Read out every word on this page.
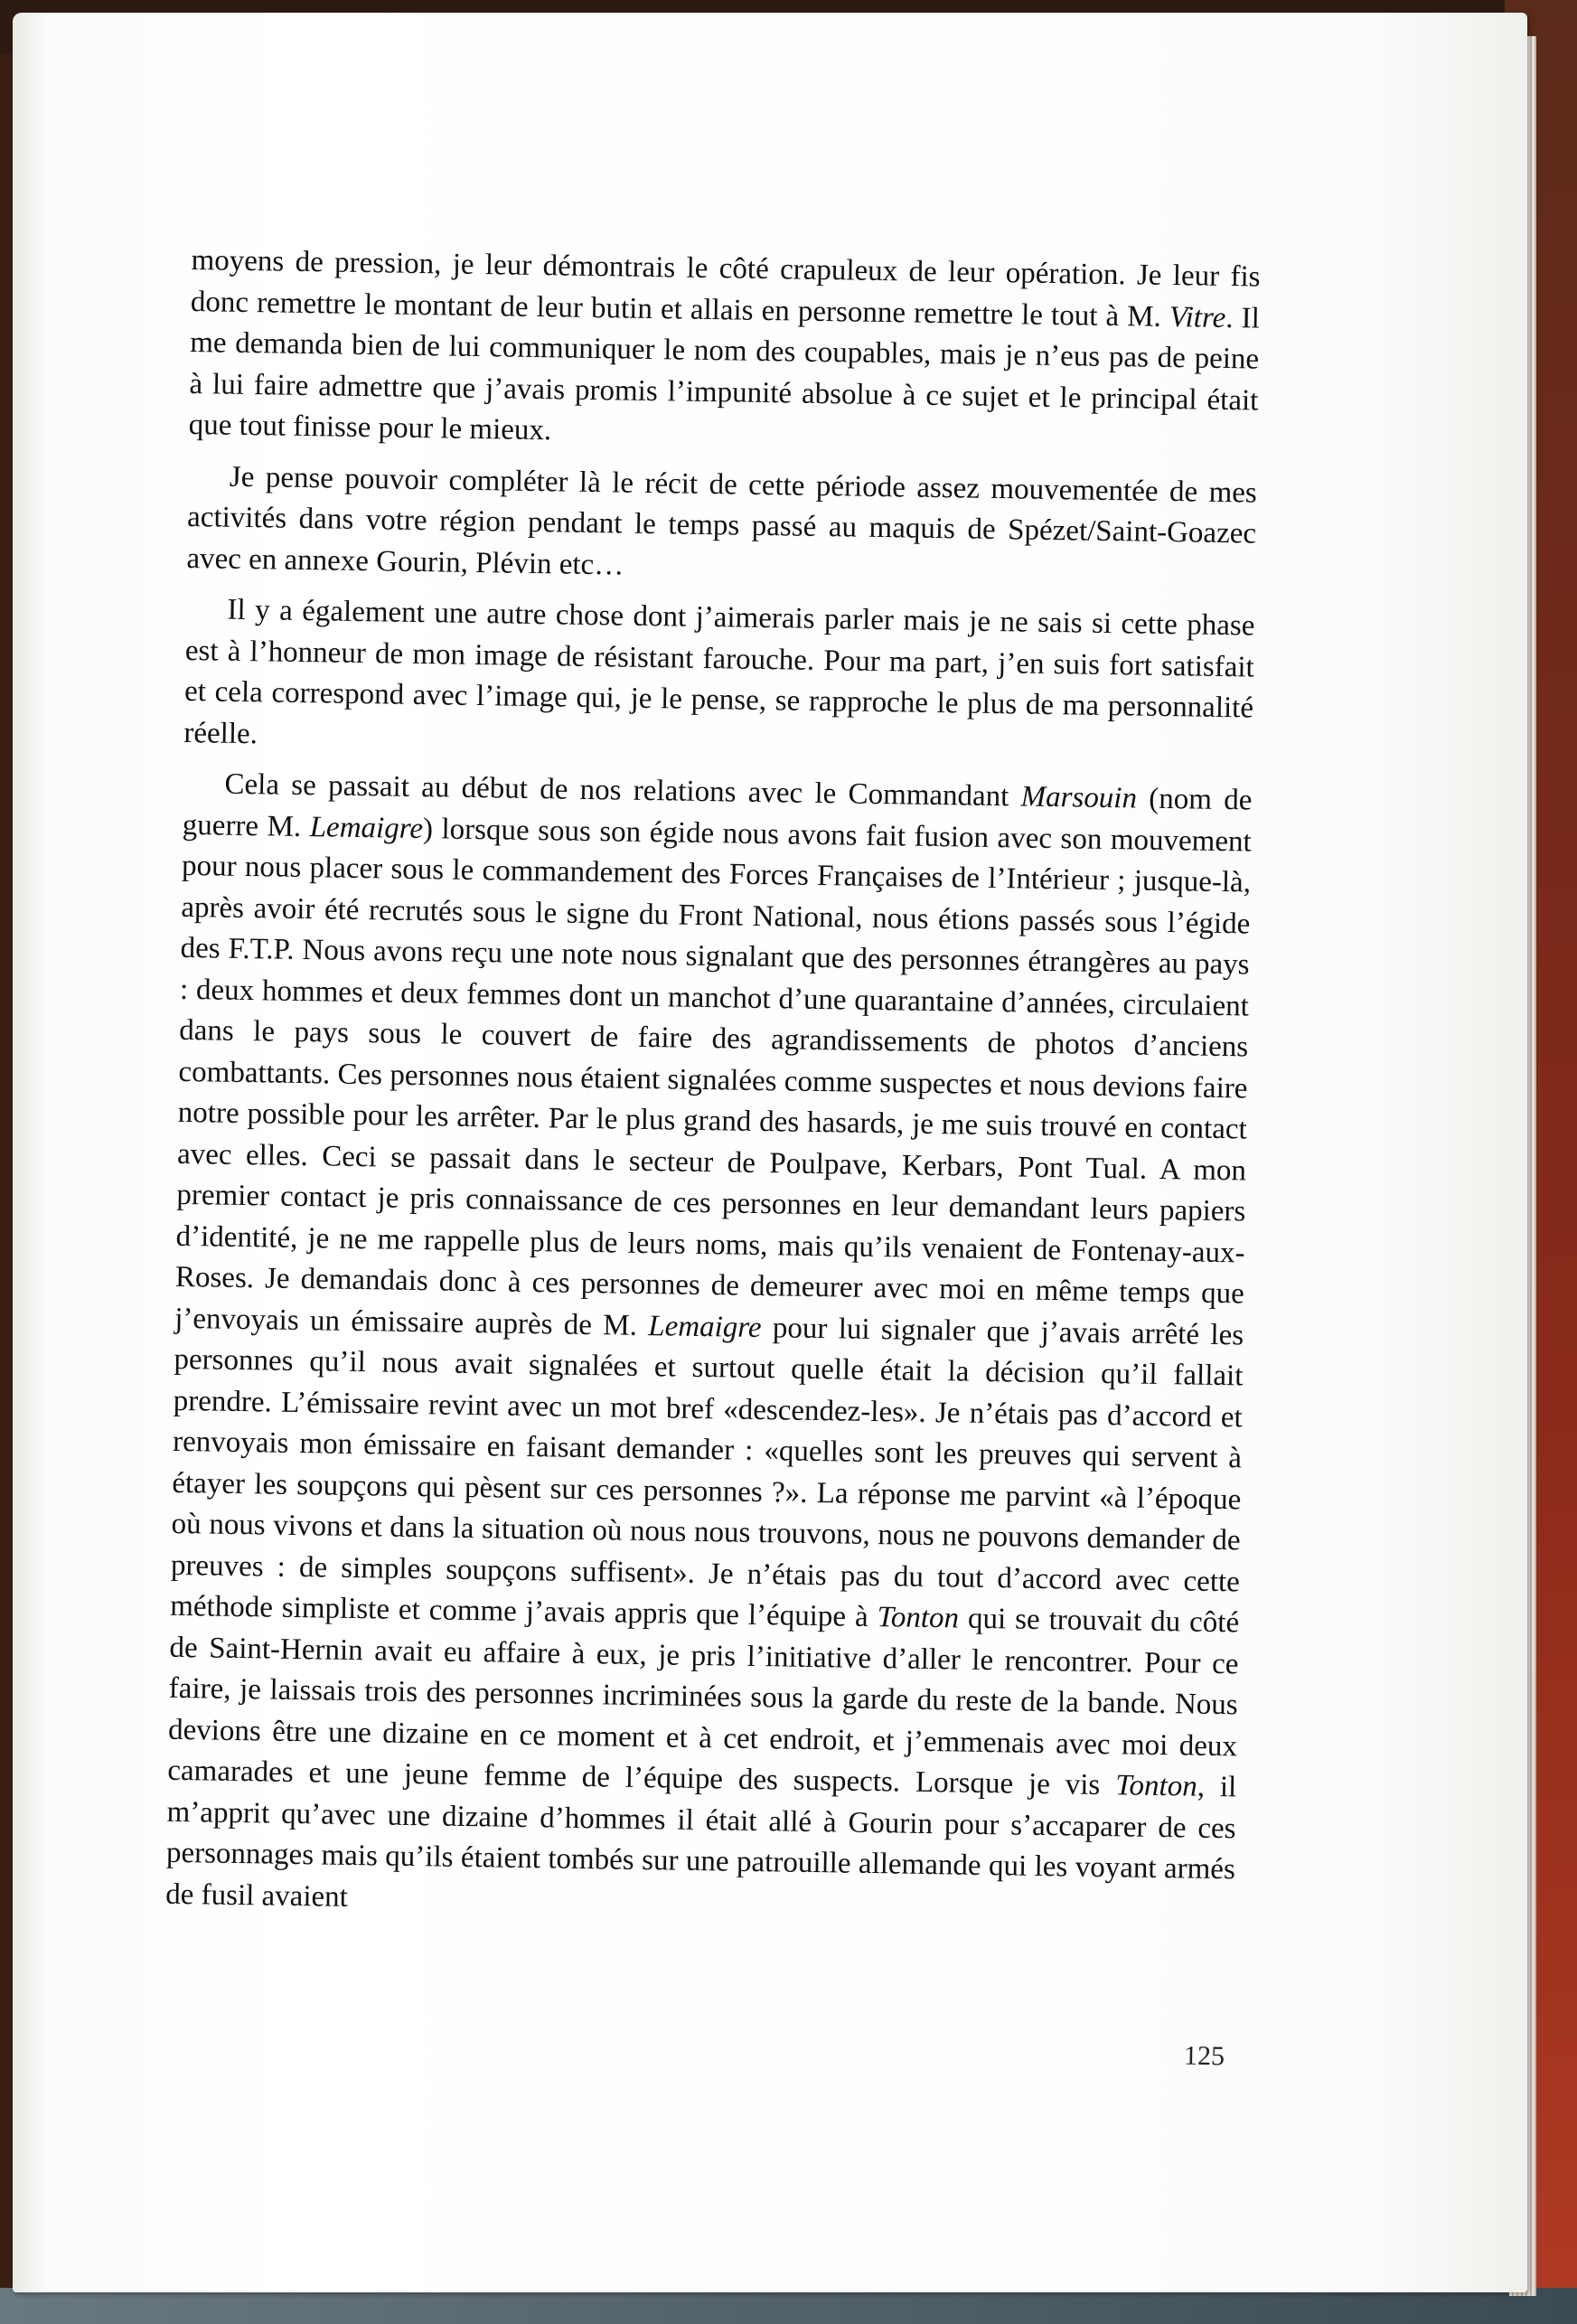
moyens de pression, je leur démontrais le côté crapuleux de leur opération. Je leur fis donc remettre le montant de leur butin et allais en personne remettre le tout à M. Vitre. Il me demanda bien de lui communiquer le nom des coupables, mais je n’eus pas de peine à lui faire admettre que j’avais promis l’impunité absolue à ce sujet et le principal était que tout finisse pour le mieux.

Je pense pouvoir compléter là le récit de cette période assez mouvementée de mes activités dans votre région pendant le temps passé au maquis de Spézet/Saint-Goazec avec en annexe Gourin, Plévin etc…

Il y a également une autre chose dont j’aimerais parler mais je ne sais si cette phase est à l’honneur de mon image de résistant farouche. Pour ma part, j’en suis fort satisfait et cela correspond avec l’image qui, je le pense, se rapproche le plus de ma personnalité réelle.

Cela se passait au début de nos relations avec le Commandant Marsouin (nom de guerre M. Lemaigre) lorsque sous son égide nous avons fait fusion avec son mouvement pour nous placer sous le commandement des Forces Françaises de l’Intérieur ; jusque-là, après avoir été recrutés sous le signe du Front National, nous étions passés sous l’égide des F.T.P. Nous avons reçu une note nous signalant que des personnes étrangères au pays : deux hommes et deux femmes dont un manchot d’une quarantaine d’années, circulaient dans le pays sous le couvert de faire des agrandissements de photos d’anciens combattants. Ces personnes nous étaient signalées comme suspectes et nous devions faire notre possible pour les arrêter. Par le plus grand des hasards, je me suis trouvé en contact avec elles. Ceci se passait dans le secteur de Poulpave, Kerbars, Pont Tual. A mon premier contact je pris connaissance de ces personnes en leur demandant leurs papiers d’identité, je ne me rappelle plus de leurs noms, mais qu’ils venaient de Fontenay-aux-Roses. Je demandais donc à ces personnes de demeurer avec moi en même temps que j’envoyais un émissaire auprès de M. Lemaigre pour lui signaler que j’avais arrêté les personnes qu’il nous avait signalées et surtout quelle était la décision qu’il fallait prendre. L’émissaire revint avec un mot bref «descendez-les». Je n’étais pas d’accord et renvoyais mon émissaire en faisant demander : «quelles sont les preuves qui servent à étayer les soupçons qui pèsent sur ces personnes ?». La réponse me parvint «à l’époque où nous vivons et dans la situation où nous nous trouvons, nous ne pouvons demander de preuves : de simples soupçons suffisent». Je n’étais pas du tout d’accord avec cette méthode simpliste et comme j’avais appris que l’équipe à Tonton qui se trouvait du côté de Saint-Hernin avait eu affaire à eux, je pris l’initiative d’aller le rencontrer. Pour ce faire, je laissais trois des personnes incriminées sous la garde du reste de la bande. Nous devions être une dizaine en ce moment et à cet endroit, et j’emmenais avec moi deux camarades et une jeune femme de l’équipe des suspects. Lorsque je vis Tonton, il m’apprit qu’avec une dizaine d’hommes il était allé à Gourin pour s’accaparer de ces personnages mais qu’ils étaient tombés sur une patrouille allemande qui les voyant armés de fusil avaient

125
